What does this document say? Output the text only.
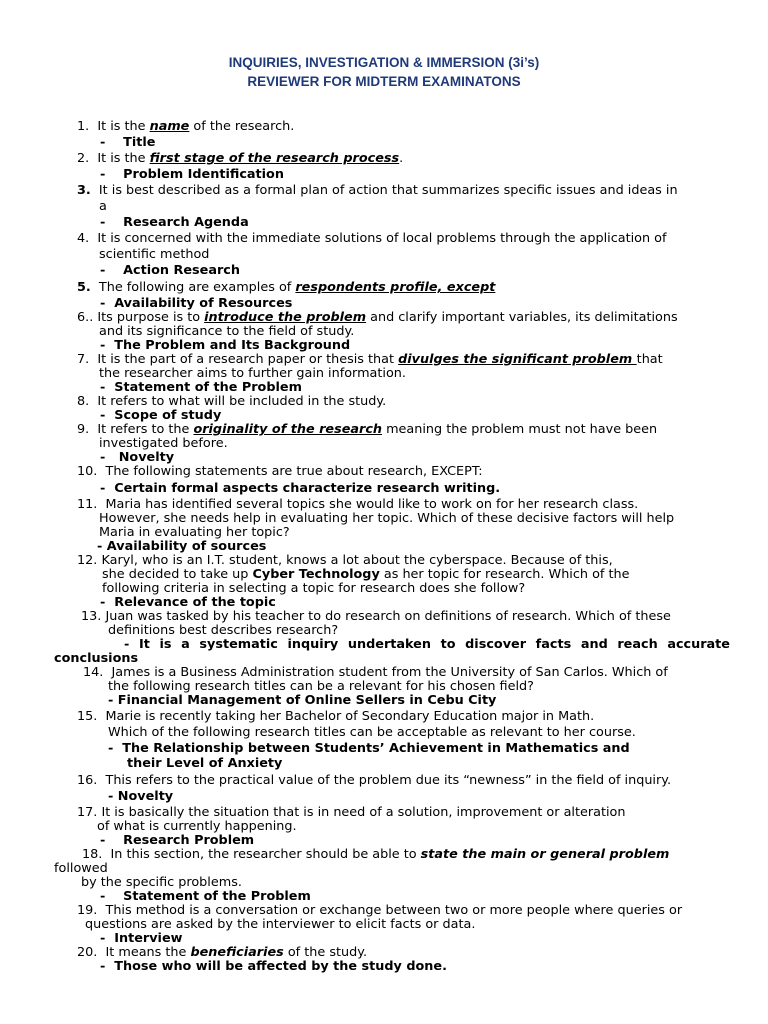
INQUIRIES, INVESTIGATION & IMMERSION (3i’s)
REVIEWER FOR MIDTERM EXAMINATONS
1. It is the name of the research.
- Title
2. It is the first stage of the research process.
- Problem Identification
3. It is best described as a formal plan of action that summarizes specific issues and ideas in
a
- Research Agenda
4. It is concerned with the immediate solutions of local problems through the application of
scientific method
- Action Research
5. The following are examples of respondents profile, except
- Availability of Resources
6.. Its purpose is to introduce the problem and clarify important variables, its delimitations
and its significance to the field of study.
- The Problem and Its Background
7. It is the part of a research paper or thesis that divulges the significant problem that
the researcher aims to further gain information.
- Statement of the Problem
8. It refers to what will be included in the study.
- Scope of study
9. It refers to the originality of the research meaning the problem must not have been
investigated before.
- Novelty
10. The following statements are true about research, EXCEPT:
- Certain formal aspects characterize research writing.
11. Maria has identified several topics she would like to work on for her research class.
However, she needs help in evaluating her topic. Which of these decisive factors will help
Maria in evaluating her topic?
- Availability of sources
12. Karyl, who is an I.T. student, knows a lot about the cyberspace. Because of this,
she decided to take up Cyber Technology as her topic for research. Which of the
following criteria in selecting a topic for research does she follow?
- Relevance of the topic
13. Juan was tasked by his teacher to do research on definitions of research. Which of these
definitions best describes research?
- It is a systematic inquiry undertaken to discover facts and reach accurate
conclusions
14. James is a Business Administration student from the University of San Carlos. Which of
the following research titles can be a relevant for his chosen field?
- Financial Management of Online Sellers in Cebu City
15. Marie is recently taking her Bachelor of Secondary Education major in Math.
Which of the following research titles can be acceptable as relevant to her course.
- The Relationship between Students’ Achievement in Mathematics and
their Level of Anxiety
16. This refers to the practical value of the problem due its “newness” in the field of inquiry.
- Novelty
17. It is basically the situation that is in need of a solution, improvement or alteration
of what is currently happening.
- Research Problem
18. In this section, the researcher should be able to state the main or general problem
followed
by the specific problems.
- Statement of the Problem
19. This method is a conversation or exchange between two or more people where queries or
questions are asked by the interviewer to elicit facts or data.
- Interview
20. It means the beneficiaries of the study.
- Those who will be affected by the study done.
